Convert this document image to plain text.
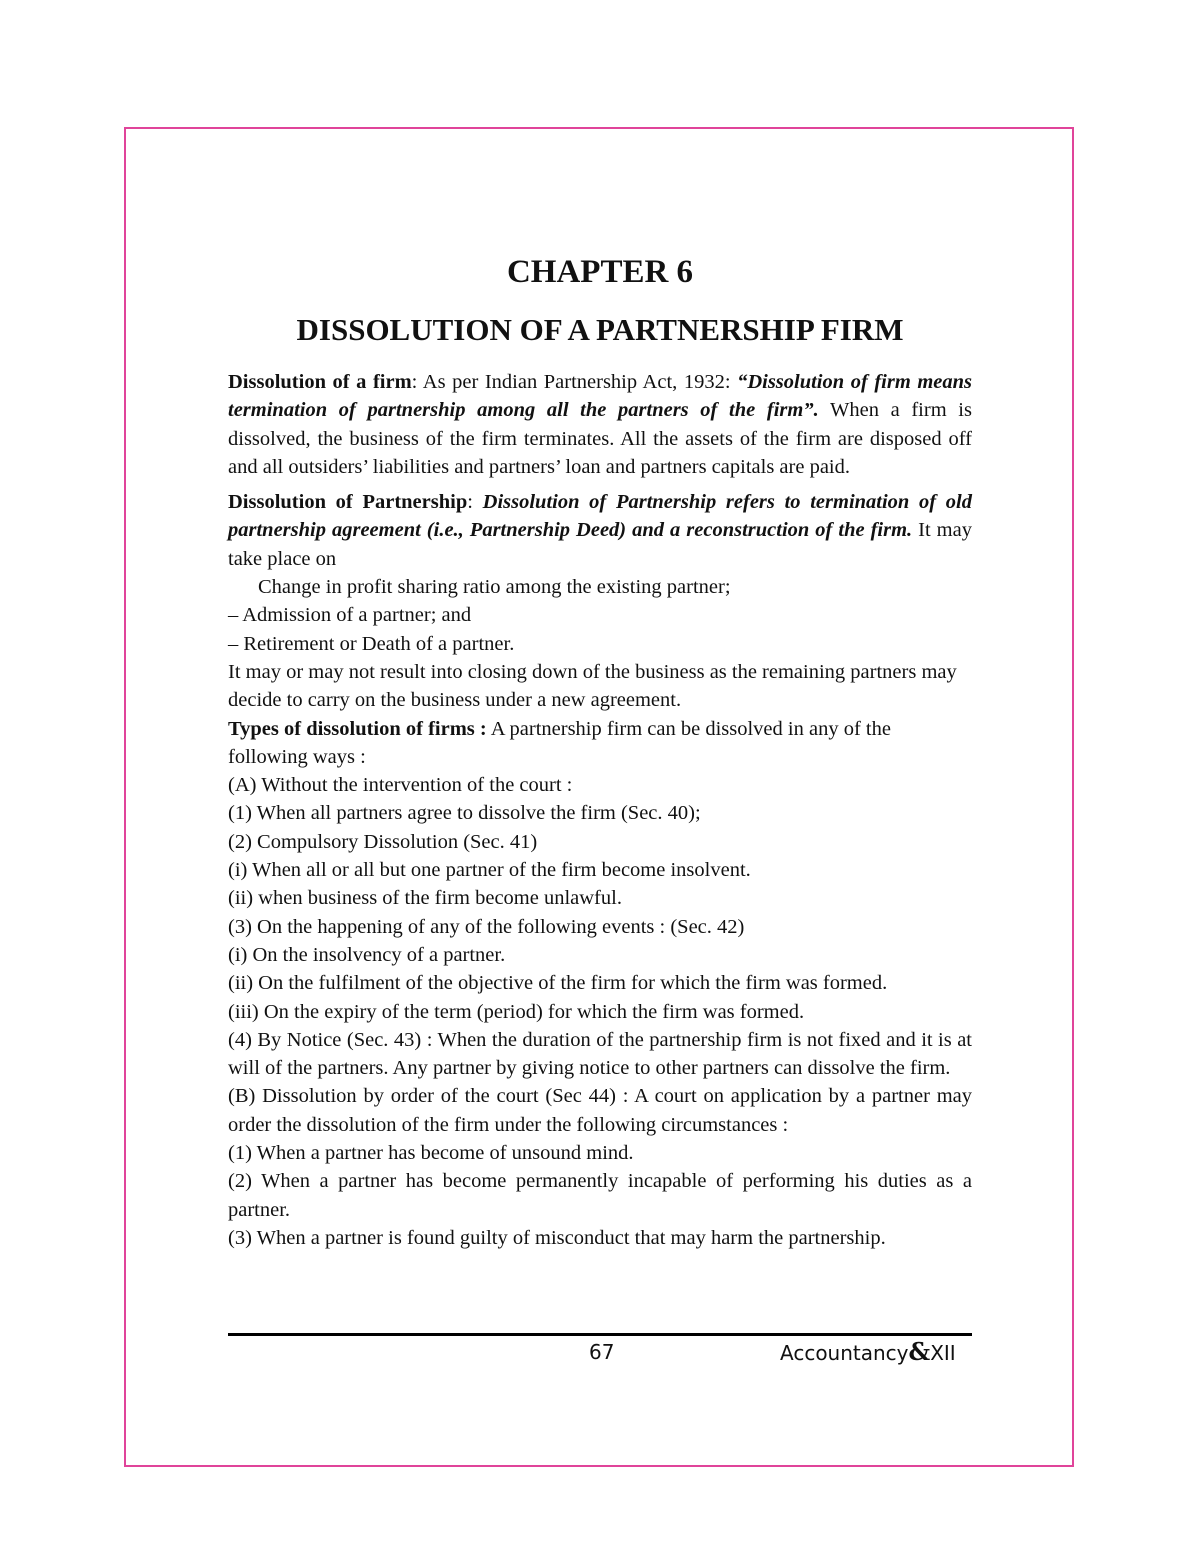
CHAPTER 6
DISSOLUTION OF A PARTNERSHIP FIRM

Dissolution of a firm: As per Indian Partnership Act, 1932: “Dissolution of firm means termination of partnership among all the partners of the firm”. When a firm is dissolved, the business of the firm terminates. All the assets of the firm are disposed off and all outsiders’ liabilities and partners’ loan and partners capitals are paid.

Dissolution of Partnership: Dissolution of Partnership refers to termination of old partnership agreement (i.e., Partnership Deed) and a reconstruction of the firm. It may take place on

Change in profit sharing ratio among the existing partner;

– Admission of a partner; and

– Retirement or Death of a partner.

It may or may not result into closing down of the business as the remaining partners may decide to carry on the business under a new agreement.

Types of dissolution of firms : A partnership firm can be dissolved in any of the following ways :

(A) Without the intervention of the court :

(1) When all partners agree to dissolve the firm (Sec. 40);

(2) Compulsory Dissolution (Sec. 41)

(i) When all or all but one partner of the firm become insolvent.

(ii) when business of the firm become unlawful.

(3) On the happening of any of the following events : (Sec. 42)

(i) On the insolvency of a partner.

(ii) On the fulfilment of the objective of the firm for which the firm was formed.

(iii) On the expiry of the term (period) for which the firm was formed.

(4) By Notice (Sec. 43) : When the duration of the partnership firm is not fixed and it is at will of the partners. Any partner by giving notice to other partners can dissolve the firm.

(B) Dissolution by order of the court (Sec 44) : A court on application by a partner may order the dissolution of the firm under the following circumstances :

(1) When a partner has become of unsound mind.

(2) When a partner has become permanently incapable of performing his duties as a partner.

(3) When a partner is found guilty of misconduct that may harm the partnership.

67	Accountancy&XII
